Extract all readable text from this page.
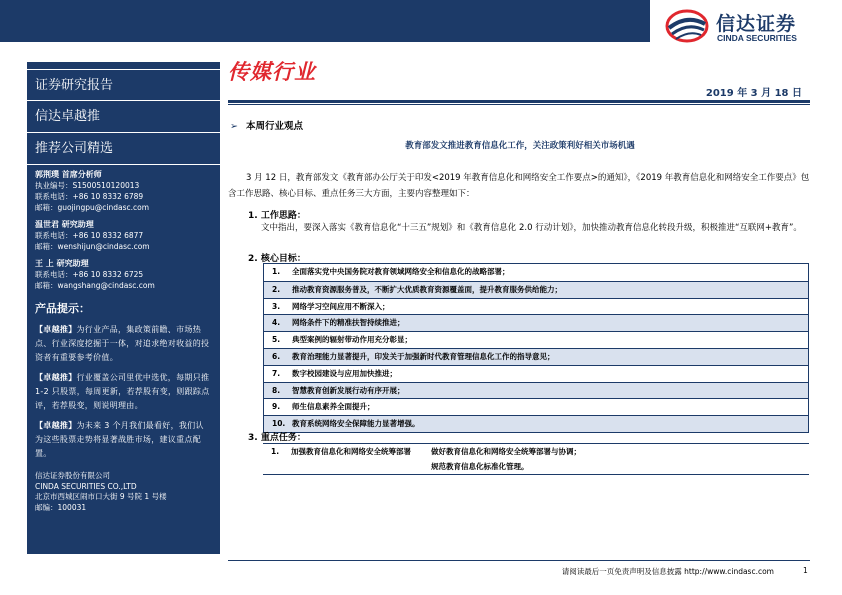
信达证券
CINDA SECURITIES
证券研究报告
信达卓越推
推荐公司精选
郭荆璞 首席分析师
执业编号：S1500510120013
联系电话：+86 10 8332 6789
邮箱：guojingpu@cindasc.com
温世君 研究助理
联系电话：+86 10 8332 6877
邮箱：wenshijun@cindasc.com
王 上 研究助理
联系电话：+86 10 8332 6725
邮箱：wangshang@cindasc.com
产品提示：
【卓越推】为行业产品，集政策前瞻、市场热点、行业深度挖掘于一体，对追求绝对收益的投资者有重要参考价值。
【卓越推】行业覆盖公司里优中选优，每期只推 1-2 只股票，每周更新，若荐股有变，则跟踪点评，若荐股变，则说明理由。
【卓越推】为未来 3 个月我们最看好，我们认为这些股票走势将显著战胜市场，建议重点配置。
信达证券股份有限公司
CINDA SECURITIES CO.,LTD
北京市西城区闹市口大街 9 号院 1 号楼
邮编：100031
传媒行业
2019 年 3 月 18 日
➢ 本周行业观点
教育部发文推进教育信息化工作，关注政策利好相关市场机遇
3 月 12 日，教育部发文《教育部办公厅关于印发<2019 年教育信息化和网络安全工作要点>的通知》，《2019 年教育信息化和网络安全工作要点》包含工作思路、核心目标、重点任务三大方面，主要内容整理如下：
1. 工作思路：
文中指出，要深入落实《教育信息化“十三五”规划》和《教育信息化 2.0 行动计划》，加快推动教育信息化转段升级，积极推进“互联网+教育”。
2. 核心目标：
1.	全面落实党中央国务院对教育领域网络安全和信息化的战略部署；
2.	推动教育资源服务普及，不断扩大优质教育资源覆盖面，提升教育服务供给能力；
3.	网络学习空间应用不断深入；
4.	网络条件下的精准扶智持续推进；
5.	典型案例的辐射带动作用充分彰显；
6.	教育治理能力显著提升，印发关于加强新时代教育管理信息化工作的指导意见；
7.	数字校园建设与应用加快推进；
8.	智慧教育创新发展行动有序开展；
9.	师生信息素养全面提升；
10. 教育系统网络安全保障能力显著增强。
3. 重点任务：
1.	加强教育信息化和网络安全统筹部署	做好教育信息化和网络安全统筹部署与协调；
规范教育信息化标准化管理。
请阅读最后一页免责声明及信息披露 http://www.cindasc.com	1
